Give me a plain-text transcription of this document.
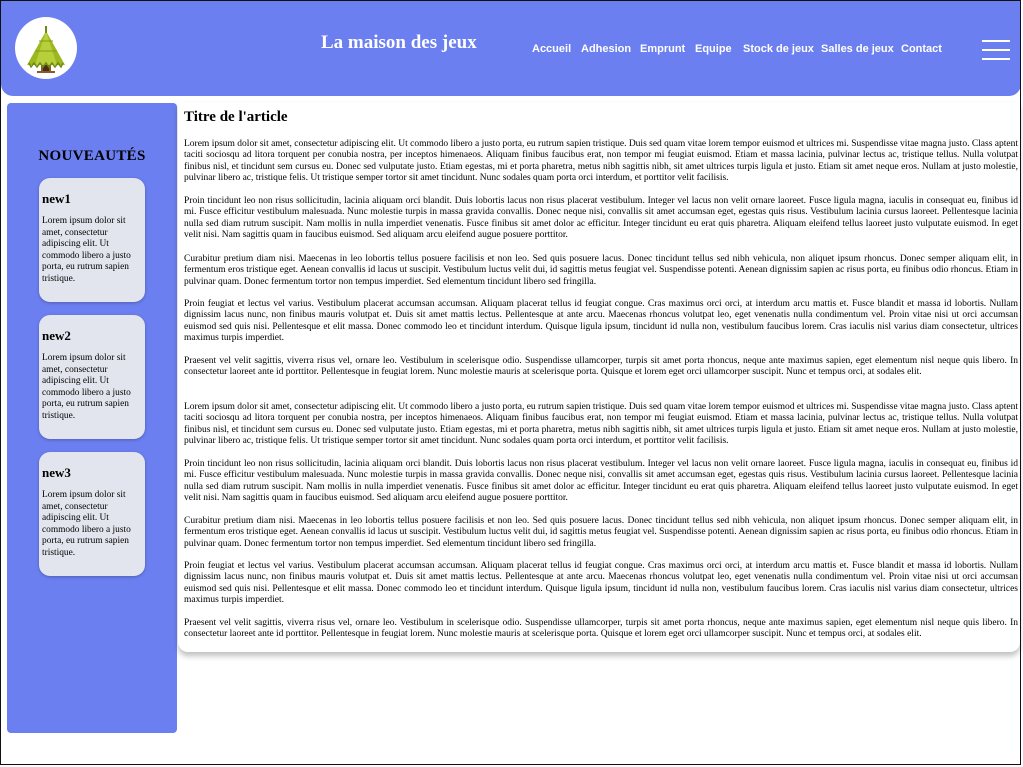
La maison des jeux	Accueil Adhesion Emprunt Equipe Stock de jeux Salles de jeux Contact
NOUVEAUTÉS
new1

Lorem ipsum dolor sit amet, consectetur adipiscing elit. Ut commodo libero a justo porta, eu rutrum sapien tristique.

new2

Lorem ipsum dolor sit amet, consectetur adipiscing elit. Ut commodo libero a justo porta, eu rutrum sapien tristique.

new3

Lorem ipsum dolor sit amet, consectetur adipiscing elit. Ut commodo libero a justo porta, eu rutrum sapien tristique.

Titre de l'article

Lorem ipsum dolor sit amet, consectetur adipiscing elit. Ut commodo libero a justo porta, eu rutrum sapien tristique. Duis sed quam vitae lorem tempor euismod et ultrices mi. Suspendisse vitae magna justo. Class aptent taciti sociosqu ad litora torquent per conubia nostra, per inceptos himenaeos. Aliquam finibus faucibus erat, non tempor mi feugiat euismod. Etiam et massa lacinia, pulvinar lectus ac, tristique tellus. Nulla volutpat finibus nisl, et tincidunt sem cursus eu. Donec sed vulputate justo. Etiam egestas, mi et porta pharetra, metus nibh sagittis nibh, sit amet ultrices turpis ligula et justo. Etiam sit amet neque eros. Nullam at justo molestie, pulvinar libero ac, tristique felis. Ut tristique semper tortor sit amet tincidunt. Nunc sodales quam porta orci interdum, et porttitor velit facilisis.

Proin tincidunt leo non risus sollicitudin, lacinia aliquam orci blandit. Duis lobortis lacus non risus placerat vestibulum. Integer vel lacus non velit ornare laoreet. Fusce ligula magna, iaculis in consequat eu, finibus id mi. Fusce efficitur vestibulum malesuada. Nunc molestie turpis in massa gravida convallis. Donec neque nisi, convallis sit amet accumsan eget, egestas quis risus. Vestibulum lacinia cursus laoreet. Pellentesque lacinia nulla sed diam rutrum suscipit. Nam mollis in nulla imperdiet venenatis. Fusce finibus sit amet dolor ac efficitur. Integer tincidunt eu erat quis pharetra. Aliquam eleifend tellus laoreet justo vulputate euismod. In eget velit nisi. Nam sagittis quam in faucibus euismod. Sed aliquam arcu eleifend augue posuere porttitor.

Curabitur pretium diam nisi. Maecenas in leo lobortis tellus posuere facilisis et non leo. Sed quis posuere lacus. Donec tincidunt tellus sed nibh vehicula, non aliquet ipsum rhoncus. Donec semper aliquam elit, in fermentum eros tristique eget. Aenean convallis id lacus ut suscipit. Vestibulum luctus velit dui, id sagittis metus feugiat vel. Suspendisse potenti. Aenean dignissim sapien ac risus porta, eu finibus odio rhoncus. Etiam in pulvinar quam. Donec fermentum tortor non tempus imperdiet. Sed elementum tincidunt libero sed fringilla.

Proin feugiat et lectus vel varius. Vestibulum placerat accumsan accumsan. Aliquam placerat tellus id feugiat congue. Cras maximus orci orci, at interdum arcu mattis et. Fusce blandit et massa id lobortis. Nullam dignissim lacus nunc, non finibus mauris volutpat et. Duis sit amet mattis lectus. Pellentesque at ante arcu. Maecenas rhoncus volutpat leo, eget venenatis nulla condimentum vel. Proin vitae nisi ut orci accumsan euismod sed quis nisi. Pellentesque et elit massa. Donec commodo leo et tincidunt interdum. Quisque ligula ipsum, tincidunt id nulla non, vestibulum faucibus lorem. Cras iaculis nisl varius diam consectetur, ultrices maximus turpis imperdiet.

Praesent vel velit sagittis, viverra risus vel, ornare leo. Vestibulum in scelerisque odio. Suspendisse ullamcorper, turpis sit amet porta rhoncus, neque ante maximus sapien, eget elementum nisl neque quis libero. In consectetur laoreet ante id porttitor. Pellentesque in feugiat lorem. Nunc molestie mauris at scelerisque porta. Quisque et lorem eget orci ullamcorper suscipit. Nunc et tempus orci, at sodales elit.

Lorem ipsum dolor sit amet, consectetur adipiscing elit. Ut commodo libero a justo porta, eu rutrum sapien tristique. Duis sed quam vitae lorem tempor euismod et ultrices mi. Suspendisse vitae magna justo. Class aptent taciti sociosqu ad litora torquent per conubia nostra, per inceptos himenaeos. Aliquam finibus faucibus erat, non tempor mi feugiat euismod. Etiam et massa lacinia, pulvinar lectus ac, tristique tellus. Nulla volutpat finibus nisl, et tincidunt sem cursus eu. Donec sed vulputate justo. Etiam egestas, mi et porta pharetra, metus nibh sagittis nibh, sit amet ultrices turpis ligula et justo. Etiam sit amet neque eros. Nullam at justo molestie, pulvinar libero ac, tristique felis. Ut tristique semper tortor sit amet tincidunt. Nunc sodales quam porta orci interdum, et porttitor velit facilisis.

Proin tincidunt leo non risus sollicitudin, lacinia aliquam orci blandit. Duis lobortis lacus non risus placerat vestibulum. Integer vel lacus non velit ornare laoreet. Fusce ligula magna, iaculis in consequat eu, finibus id mi. Fusce efficitur vestibulum malesuada. Nunc molestie turpis in massa gravida convallis. Donec neque nisi, convallis sit amet accumsan eget, egestas quis risus. Vestibulum lacinia cursus laoreet. Pellentesque lacinia nulla sed diam rutrum suscipit. Nam mollis in nulla imperdiet venenatis. Fusce finibus sit amet dolor ac efficitur. Integer tincidunt eu erat quis pharetra. Aliquam eleifend tellus laoreet justo vulputate euismod. In eget velit nisi. Nam sagittis quam in faucibus euismod. Sed aliquam arcu eleifend augue posuere porttitor.

Curabitur pretium diam nisi. Maecenas in leo lobortis tellus posuere facilisis et non leo. Sed quis posuere lacus. Donec tincidunt tellus sed nibh vehicula, non aliquet ipsum rhoncus. Donec semper aliquam elit, in fermentum eros tristique eget. Aenean convallis id lacus ut suscipit. Vestibulum luctus velit dui, id sagittis metus feugiat vel. Suspendisse potenti. Aenean dignissim sapien ac risus porta, eu finibus odio rhoncus. Etiam in pulvinar quam. Donec fermentum tortor non tempus imperdiet. Sed elementum tincidunt libero sed fringilla.

Proin feugiat et lectus vel varius. Vestibulum placerat accumsan accumsan. Aliquam placerat tellus id feugiat congue. Cras maximus orci orci, at interdum arcu mattis et. Fusce blandit et massa id lobortis. Nullam dignissim lacus nunc, non finibus mauris volutpat et. Duis sit amet mattis lectus. Pellentesque at ante arcu. Maecenas rhoncus volutpat leo, eget venenatis nulla condimentum vel. Proin vitae nisi ut orci accumsan euismod sed quis nisi. Pellentesque et elit massa. Donec commodo leo et tincidunt interdum. Quisque ligula ipsum, tincidunt id nulla non, vestibulum faucibus lorem. Cras iaculis nisl varius diam consectetur, ultrices maximus turpis imperdiet.

Praesent vel velit sagittis, viverra risus vel, ornare leo. Vestibulum in scelerisque odio. Suspendisse ullamcorper, turpis sit amet porta rhoncus, neque ante maximus sapien, eget elementum nisl neque quis libero. In consectetur laoreet ante id porttitor. Pellentesque in feugiat lorem. Nunc molestie mauris at scelerisque porta. Quisque et lorem eget orci ullamcorper suscipit. Nunc et tempus orci, at sodales elit.
